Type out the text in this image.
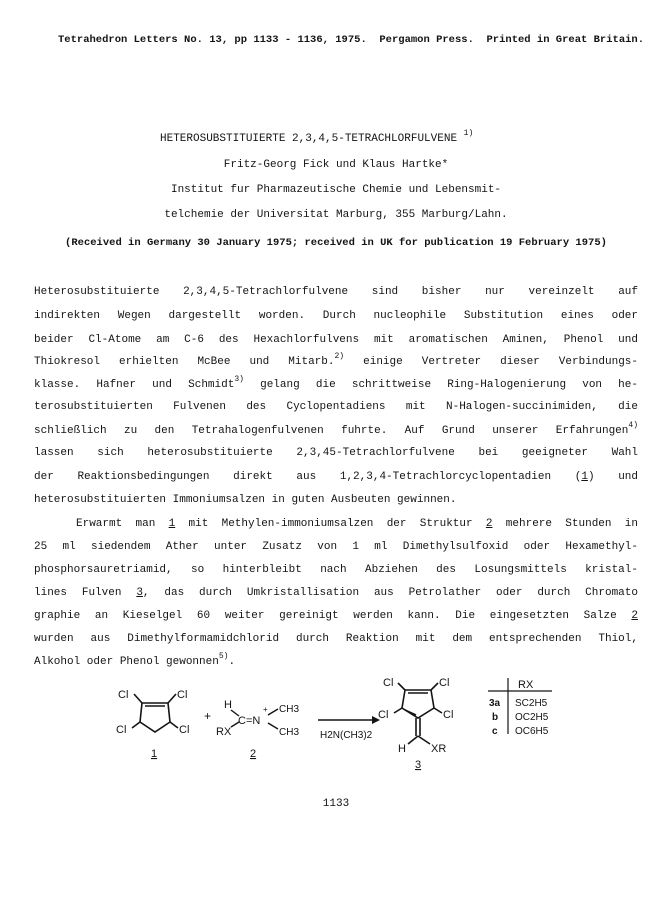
Tetrahedron Letters No. 13, pp 1133 - 1136, 1975. Pergamon Press. Printed in Great Britain.
HETEROSUBSTITUIERTE 2,3,4,5-TETRACHLORFULVENE $^{1)}$
Fritz-Georg Fick und Klaus Hartke*
Institut fur Pharmazeutische Chemie und Lebensmit-
telchemie der Universitat Marburg, 355 Marburg/Lahn.
(Received in Germany 30 January 1975; received in UK for publication 19 February 1975)
Heterosubstituierte 2,3,4,5-Tetrachlorfulvene sind bisher nur vereinzelt auf
indirekten Wegen dargestellt worden. Durch nucleophile Substitution eines oder
beider Cl-Atome am C-6 des Hexachlorfulvens mit aromatischen Aminen, Phenol und
Thiokresol erhielten McBee und Mitarb.$^{2)}$ einige Vertreter dieser Verbindungs-
klasse. Hafner und Schmidt$^{3)}$ gelang die schrittweise Ring-Halogenierung von he-
terosubstituierten Fulvenen des Cyclopentadiens mit N-Halogen-succinimiden, die
schließlich zu den Tetrahalogenfulvenen fuhrte. Auf Grund unserer Erfahrungen$^{4)}$
lassen sich heterosubstituierte 2,3,45-Tetrachlorfulvene bei geeigneter Wahl
der Reaktionsbedingungen direkt aus 1,2,3,4-Tetrachlorcyclopentadien (1) und
heterosubstituierten Immoniumsalzen in guten Ausbeuten gewinnen.
Erwarmt man 1 mit Methylen-immoniumsalzen der Struktur 2 mehrere Stunden in
25 ml siedendem Ather unter Zusatz von 1 ml Dimethylsulfoxid oder Hexamethyl-
phosphorsauretriamid, so hinterbleibt nach Abziehen des Losungsmittels kristal-
lines Fulven 3, das durch Umkristallisation aus Petrolather oder durch Chromato
graphie an Kieselgel 60 weiter gereinigt werden kann. Die eingesetzten Salze 2
wurden aus Dimethylformamidchlorid durch Reaktion mit dem entsprechenden Thiol,
Alkohol oder Phenol gewonnen$^{5)}$.
Cl	Cl
Cl	Cl
1
+
H
C=N
+ CH3
CH3
RX
2
H2N(CH3)2
Cl	Cl
Cl	Cl
H XR
3
RX
3a SC2H5
b OC2H5
c OC6H5
1133
